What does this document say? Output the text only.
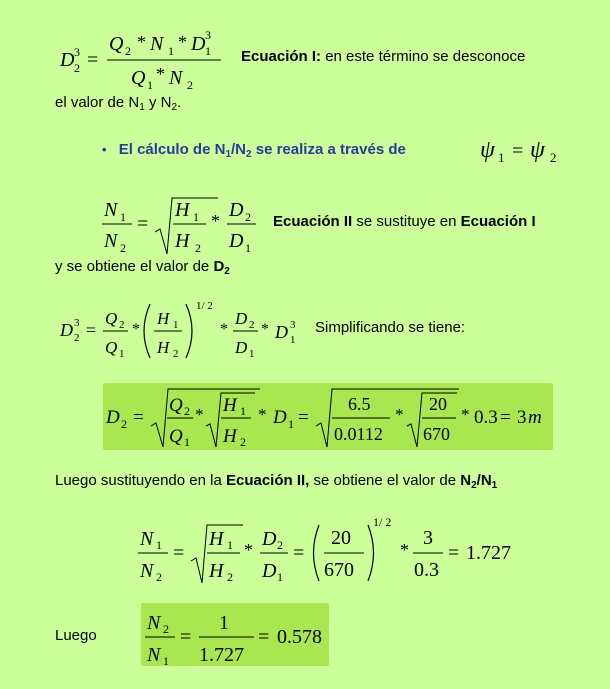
D 2
3 =
Q 2 * N 1 * D 1
3
Q 1
* N 2
Ecuación I: en este término se desconoce
el valor de $N_1$ y $N_2$.
• El cálculo de $N_1/N_2$ se realiza a través de	ψ 1 = ψ 2
N 1
N 2
=
H 1
H 2
* D 2
D 1
Ecuación II se sustituye en Ecuación I
y se obtiene el valor de $D_2$
D 2
3 =
Q 2
Q 1
*
H 1
H 2
1/ 2
*
D 2
D 1
* D 1
3 Simplificando se tiene:
D 2 =
Q 2
Q 1
* H 1
H 2
* D 1 =
6.5
0.0112
*
20
670
* 0.3 = 3 m
Luego sustituyendo en la Ecuación II, se obtiene el valor de $N_2/N_1$
N 1
N 2
=
H 1
H 2
* D 2
D 1
=
20
670
1/ 2
*
3
0.3
= 1.727
Luego
N 2
N 1
=
1
1.727
= 0.578
